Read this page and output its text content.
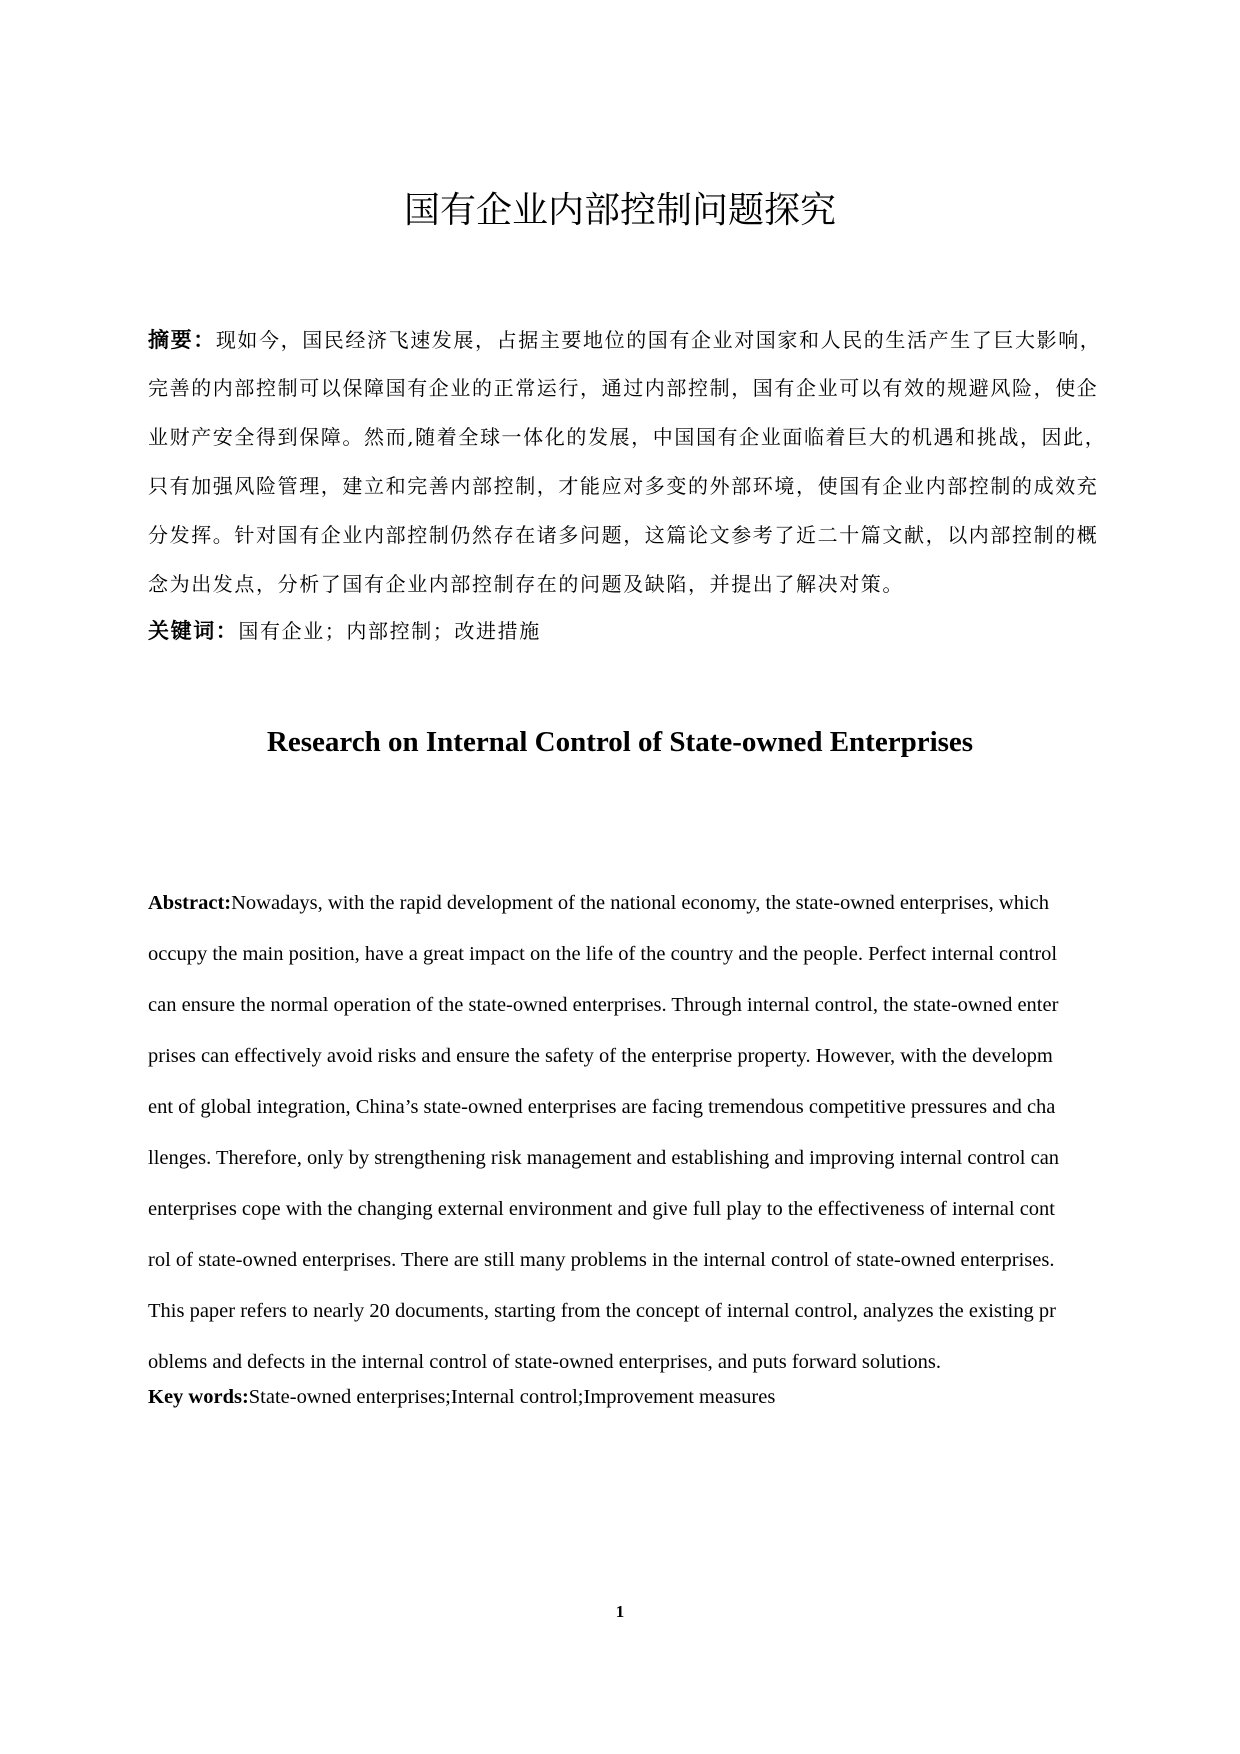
国有企业内部控制问题探究
摘要：现如今，国民经济飞速发展，占据主要地位的国有企业对国家和人民的生活产生了巨大影响，
完善的内部控制可以保障国有企业的正常运行，通过内部控制，国有企业可以有效的规避风险，使企
业财产安全得到保障。然而,随着全球一体化的发展，中国国有企业面临着巨大的机遇和挑战，因此，
只有加强风险管理，建立和完善内部控制，才能应对多变的外部环境，使国有企业内部控制的成效充
分发挥。针对国有企业内部控制仍然存在诸多问题，这篇论文参考了近二十篇文献，以内部控制的概
念为出发点，分析了国有企业内部控制存在的问题及缺陷，并提出了解决对策。
关键词：国有企业；内部控制；改进措施
Research on Internal Control of State-owned Enterprises
Abstract:Nowadays, with the rapid development of the national economy, the state-owned enterprises, which
occupy the main position, have a great impact on the life of the country and the people. Perfect internal control
can ensure the normal operation of the state-owned enterprises. Through internal control, the state-owned enter
prises can effectively avoid risks and ensure the safety of the enterprise property. However, with the developm
ent of global integration, China’s state-owned enterprises are facing tremendous competitive pressures and cha
llenges. Therefore, only by strengthening risk management and establishing and improving internal control can
enterprises cope with the changing external environment and give full play to the effectiveness of internal cont
rol of state-owned enterprises. There are still many problems in the internal control of state-owned enterprises.
This paper refers to nearly 20 documents, starting from the concept of internal control, analyzes the existing pr
oblems and defects in the internal control of state-owned enterprises, and puts forward solutions.
Key words:State-owned enterprises;Internal control;Improvement measures
1
